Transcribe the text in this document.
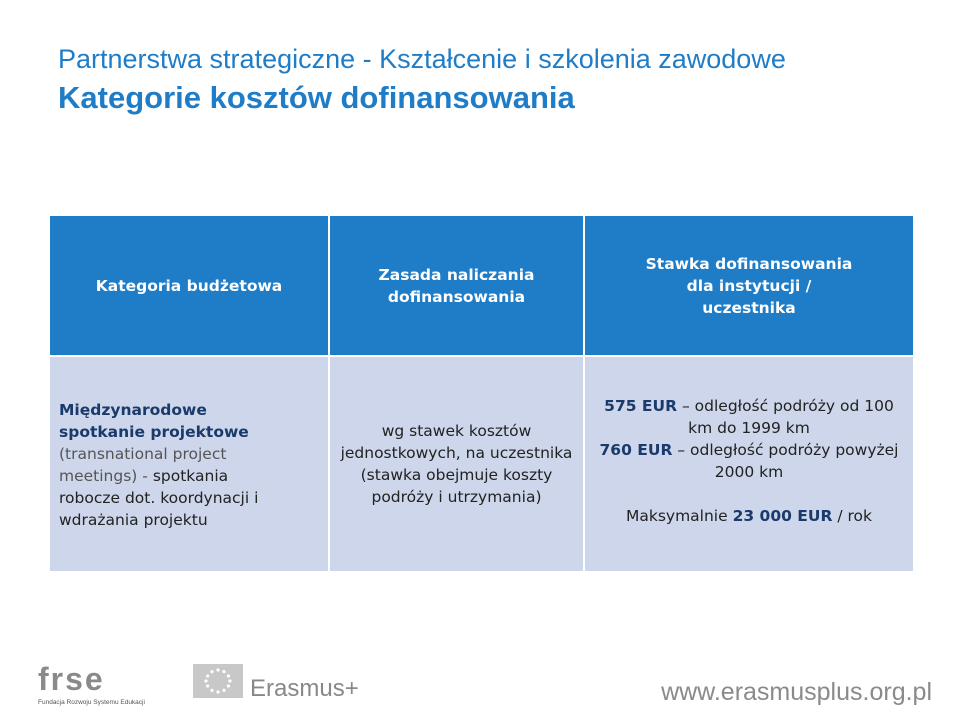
Partnerstwa strategiczne - Kształcenie i szkolenia zawodowe
Kategorie kosztów dofinansowania
Kategoria budżetowa
Zasada naliczania dofinansowania
Stawka dofinansowania dla instytucji / uczestnika
Międzynarodowe spotkanie projektowe (transnational project meetings) - spotkania robocze dot. koordynacji i wdrażania projektu
wg stawek kosztów jednostkowych, na uczestnika (stawka obejmuje koszty podróży i utrzymania)
575 EUR – odległość podróży od 100 km do 1999 km
760 EUR – odległość podróży powyżej 2000 km
Maksymalnie 23 000 EUR / rok
frse
Fundacja Rozwoju Systemu Edukacji
Erasmus+	www.erasmusplus.org.pl
